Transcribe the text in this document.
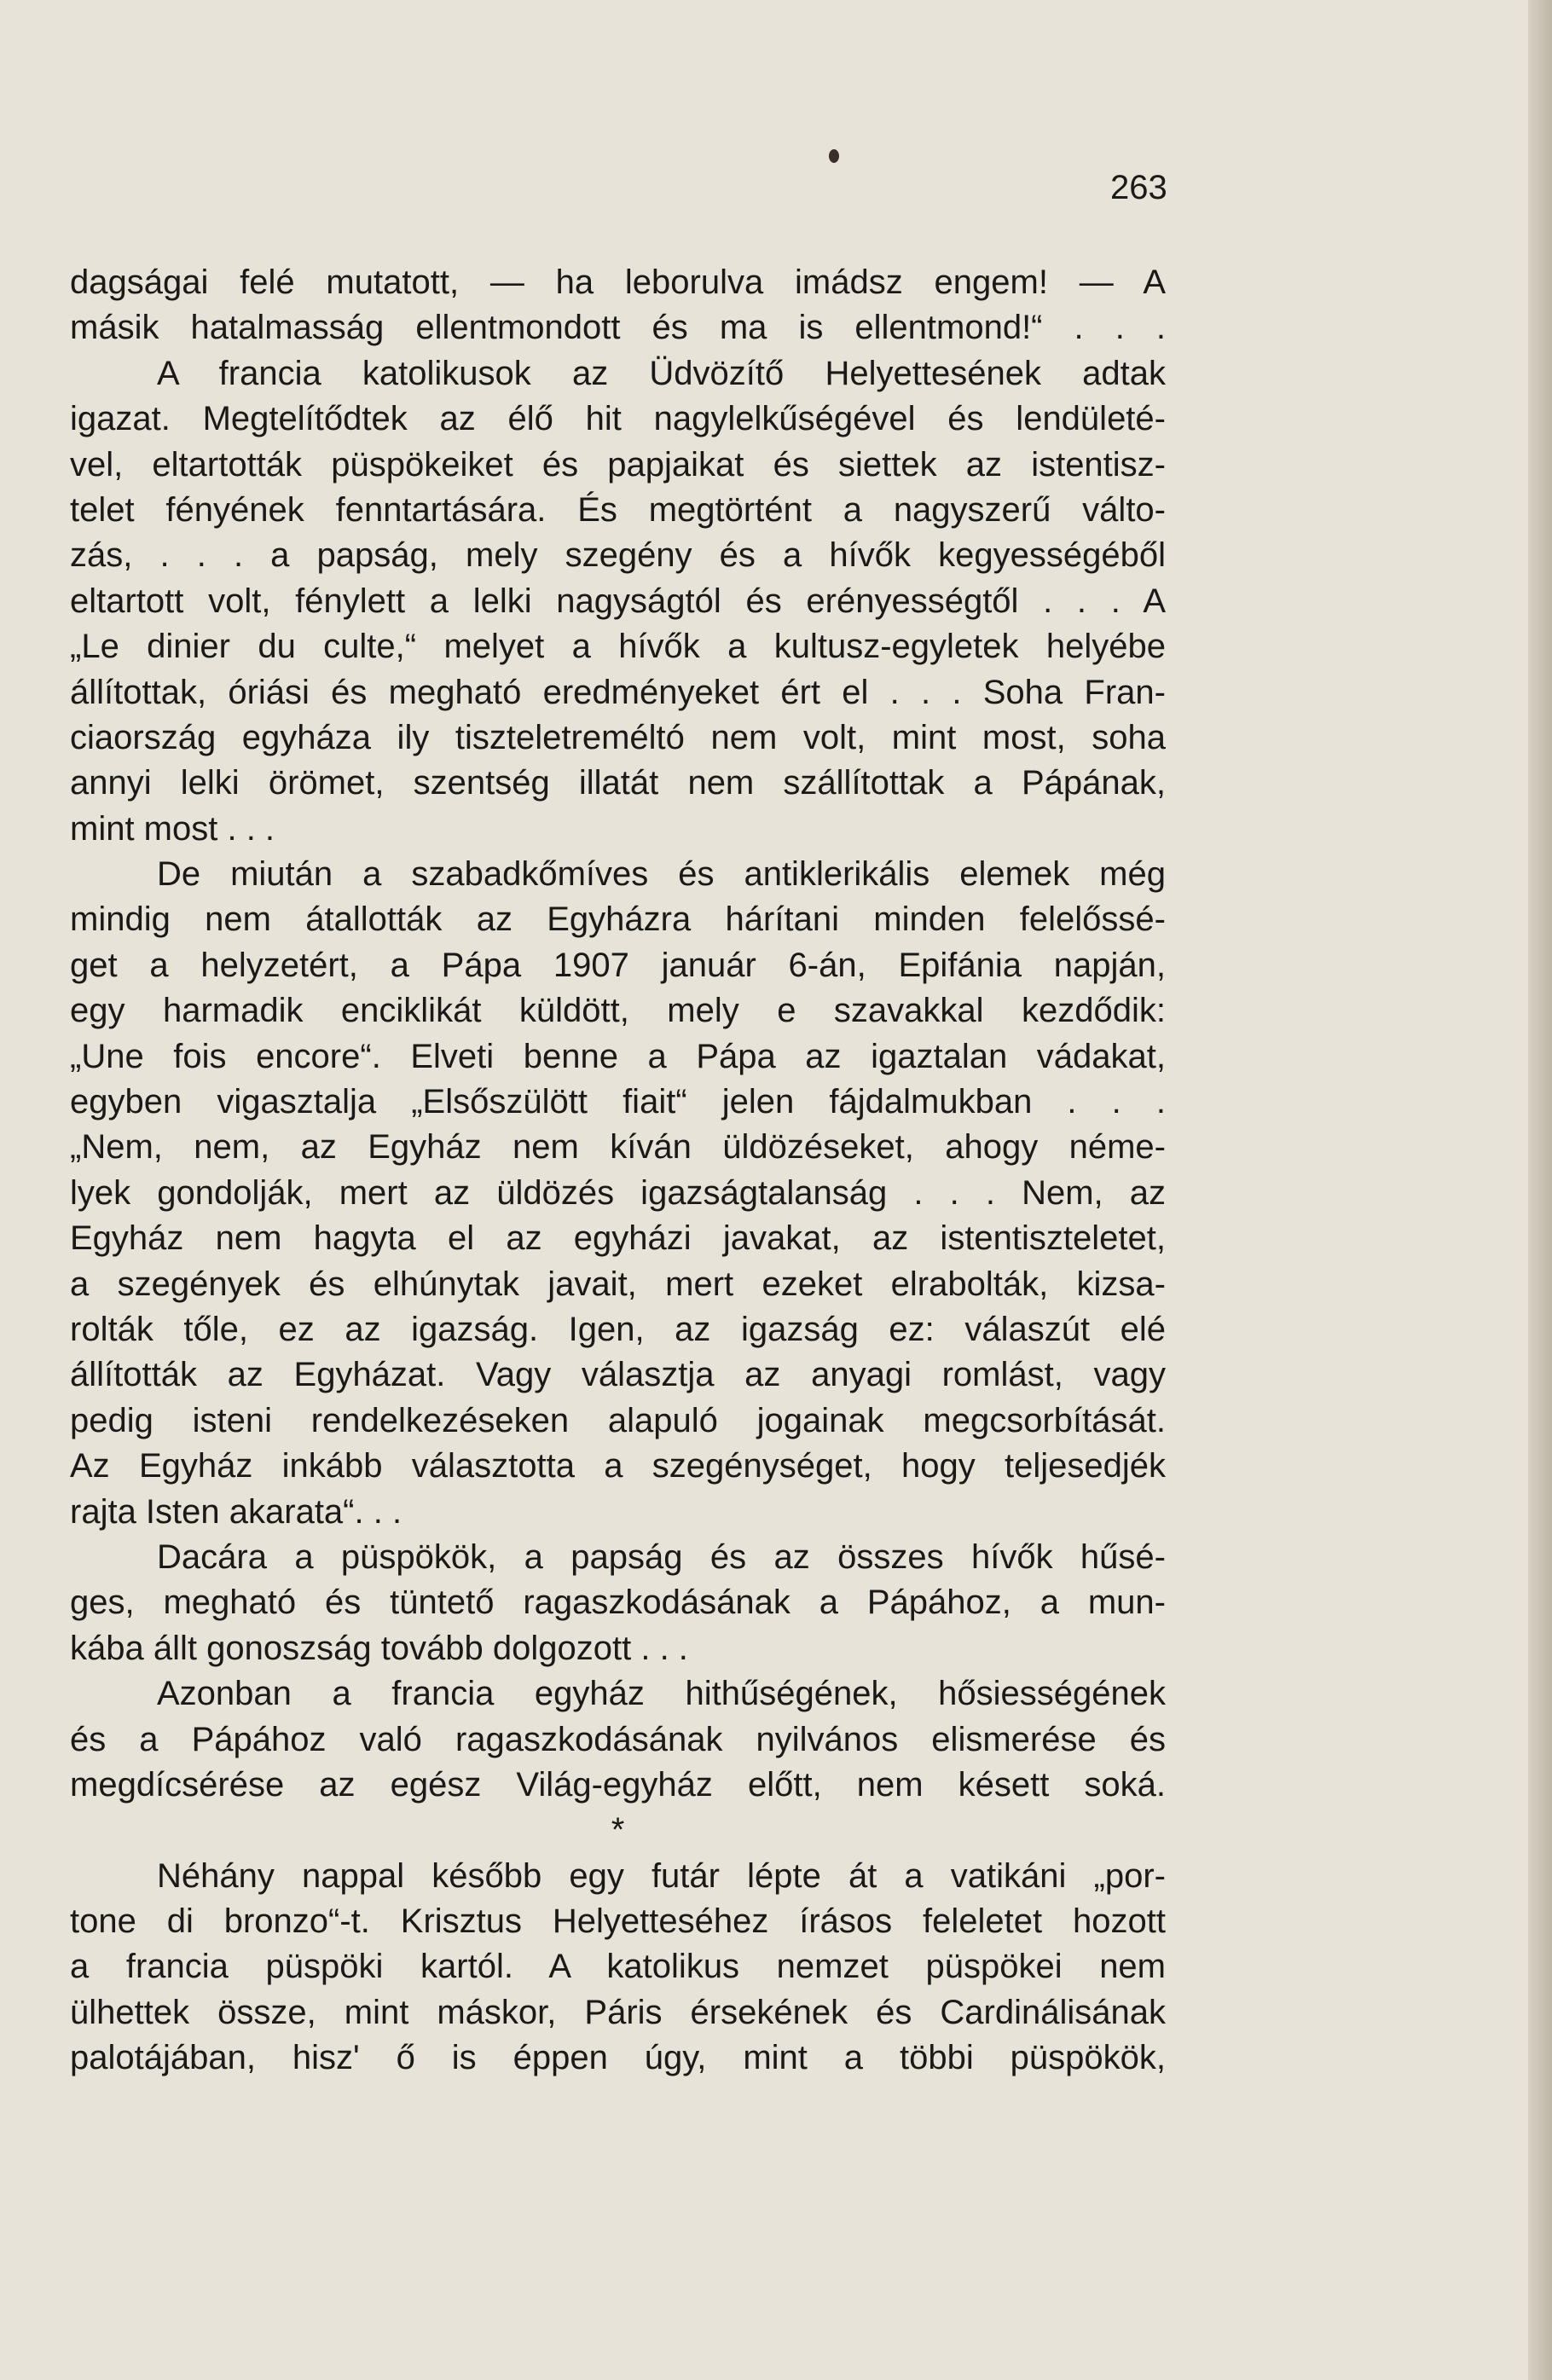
263
dagságai felé mutatott, — ha leborulva imádsz engem! — A
másik hatalmasság ellentmondott és ma is ellentmond!“ . . .
A francia katolikusok az Üdvözítő Helyettesének adtak
igazat. Megtelítődtek az élő hit nagylelkűségével és lendületé-
vel, eltartották püspökeiket és papjaikat és siettek az istentisz-
telet fényének fenntartására. És megtörtént a nagyszerű válto-
zás, . . . a papság, mely szegény és a hívők kegyességéből
eltartott volt, fénylett a lelki nagyságtól és erényességtől . . . A
„Le dinier du culte,“ melyet a hívők a kultusz-egyletek helyébe
állítottak, óriási és megható eredményeket ért el . . . Soha Fran-
ciaország egyháza ily tiszteletreméltó nem volt, mint most, soha
annyi lelki örömet, szentség illatát nem szállítottak a Pápának,
mint most . . .
De miután a szabadkőmíves és antiklerikális elemek még
mindig nem átallották az Egyházra hárítani minden felelőssé-
get a helyzetért, a Pápa 1907 január 6-án, Epifánia napján,
egy harmadik enciklikát küldött, mely e szavakkal kezdődik:
„Une fois encore“. Elveti benne a Pápa az igaztalan vádakat,
egyben vigasztalja „Elsőszülött fiait“ jelen fájdalmukban . . .
„Nem, nem, az Egyház nem kíván üldözéseket, ahogy néme-
lyek gondolják, mert az üldözés igazságtalanság . . . Nem, az
Egyház nem hagyta el az egyházi javakat, az istentiszteletet,
a szegények és elhúnytak javait, mert ezeket elrabolták, kizsa-
rolták tőle, ez az igazság. Igen, az igazság ez: válaszút elé
állították az Egyházat. Vagy választja az anyagi romlást, vagy
pedig isteni rendelkezéseken alapuló jogainak megcsorbítását.
Az Egyház inkább választotta a szegénységet, hogy teljesedjék
rajta Isten akarata“. . .
Dacára a püspökök, a papság és az összes hívők hűsé-
ges, megható és tüntető ragaszkodásának a Pápához, a mun-
kába állt gonoszság tovább dolgozott . . .
Azonban a francia egyház hithűségének, hősiességének
és a Pápához való ragaszkodásának nyilvános elismerése és
megdícsérése az egész Világ-egyház előtt, nem késett soká.
*
Néhány nappal később egy futár lépte át a vatikáni „por-
tone di bronzo“-t. Krisztus Helyetteséhez írásos feleletet hozott
a francia püspöki kartól. A katolikus nemzet püspökei nem
ülhettek össze, mint máskor, Páris érsekének és Cardinálisának
palotájában, hisz' ő is éppen úgy, mint a többi püspökök,
